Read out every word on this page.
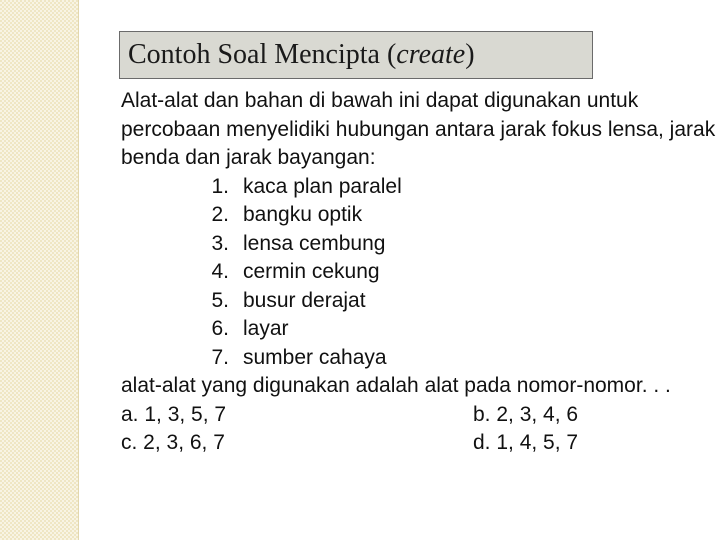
Contoh Soal Mencipta ( create )

Alat-alat dan bahan di bawah ini dapat digunakan untuk percobaan menyelidiki hubungan antara jarak fokus lensa, jarak benda dan jarak bayangan:

1. kaca plan paralel
2. bangku optik
3. lensa cembung
4. cermin cekung
5. busur derajat
6. layar
7. sumber cahaya

alat-alat yang digunakan adalah alat pada nomor-nomor. . .

a. 1, 3, 5, 7	b. 2, 3, 4, 6
c. 2, 3, 6, 7	d. 1, 4, 5, 7
